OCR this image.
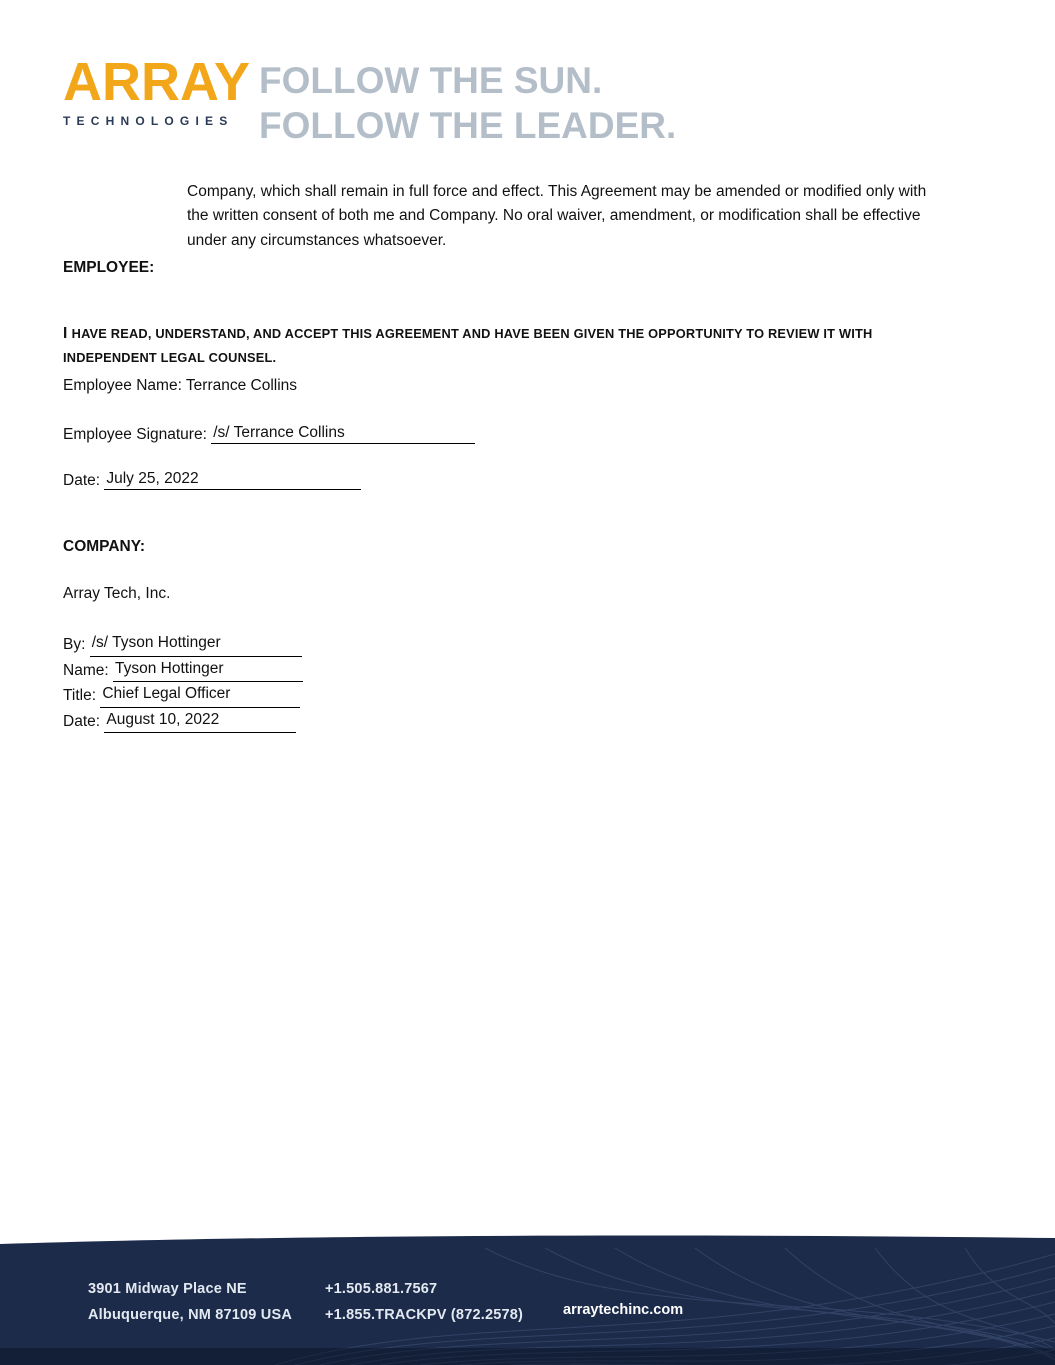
ARRAY
TECHNOLOGIES
FOLLOW THE SUN.
FOLLOW THE LEADER.

Company, which shall remain in full force and effect. This Agreement may be amended or modified only with the written consent of both me and Company. No oral waiver, amendment, or modification shall be effective under any circumstances whatsoever.

EMPLOYEE:

I HAVE READ, UNDERSTAND, AND ACCEPT THIS AGREEMENT AND HAVE BEEN GIVEN THE OPPORTUNITY TO REVIEW IT WITH INDEPENDENT LEGAL COUNSEL.

Employee Name: Terrance Collins
Employee Signature: /s/ Terrance Collins
Date: July 25, 2022
COMPANY:
Array Tech, Inc.
By: /s/ Tyson Hottinger
Name: Tyson Hottinger
Title: Chief Legal Officer
Date: August 10, 2022
3901 Midway Place NE
Albuquerque, NM 87109 USA
+1.505.881.7567
+1.855.TRACKPV (872.2578)	arraytechinc.com
